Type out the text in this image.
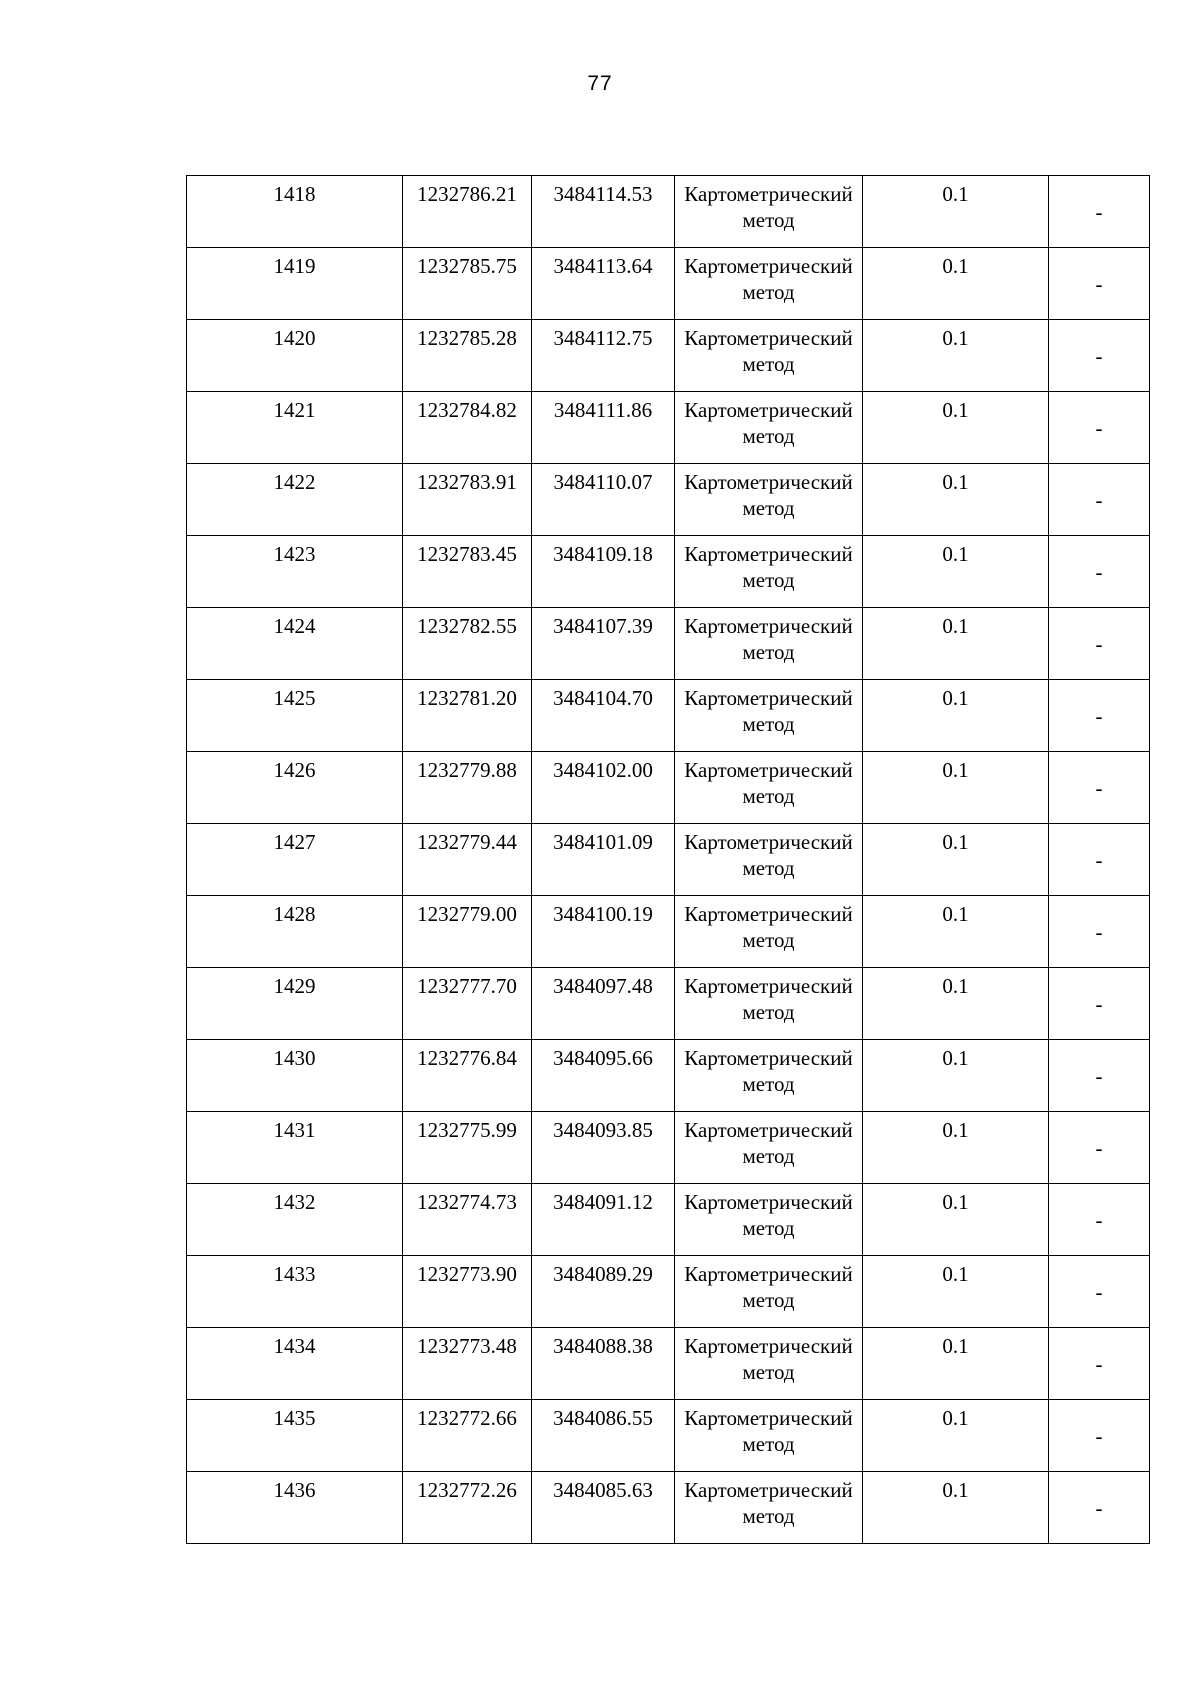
77
1418	1232786.21	3484114.53	Картометрический
метод	0.1	-

1419	1232785.75	3484113.64	Картометрический
метод	0.1	-

1420	1232785.28	3484112.75	Картометрический
метод	0.1	-

1421	1232784.82	3484111.86	Картометрический
метод	0.1	-

1422	1232783.91	3484110.07	Картометрический
метод	0.1	-

1423	1232783.45	3484109.18	Картометрический
метод	0.1	-

1424	1232782.55	3484107.39	Картометрический
метод	0.1	-

1425	1232781.20	3484104.70	Картометрический
метод	0.1	-

1426	1232779.88	3484102.00	Картометрический
метод	0.1	-

1427	1232779.44	3484101.09	Картометрический
метод	0.1	-

1428	1232779.00	3484100.19	Картометрический
метод	0.1	-

1429	1232777.70	3484097.48	Картометрический
метод	0.1	-

1430	1232776.84	3484095.66	Картометрический
метод	0.1	-

1431	1232775.99	3484093.85	Картометрический
метод	0.1	-

1432	1232774.73	3484091.12	Картометрический
метод	0.1	-

1433	1232773.90	3484089.29	Картометрический
метод	0.1	-

1434	1232773.48	3484088.38	Картометрический
метод	0.1	-

1435	1232772.66	3484086.55	Картометрический
метод	0.1	-

1436	1232772.26	3484085.63	Картометрический
метод	0.1	-
